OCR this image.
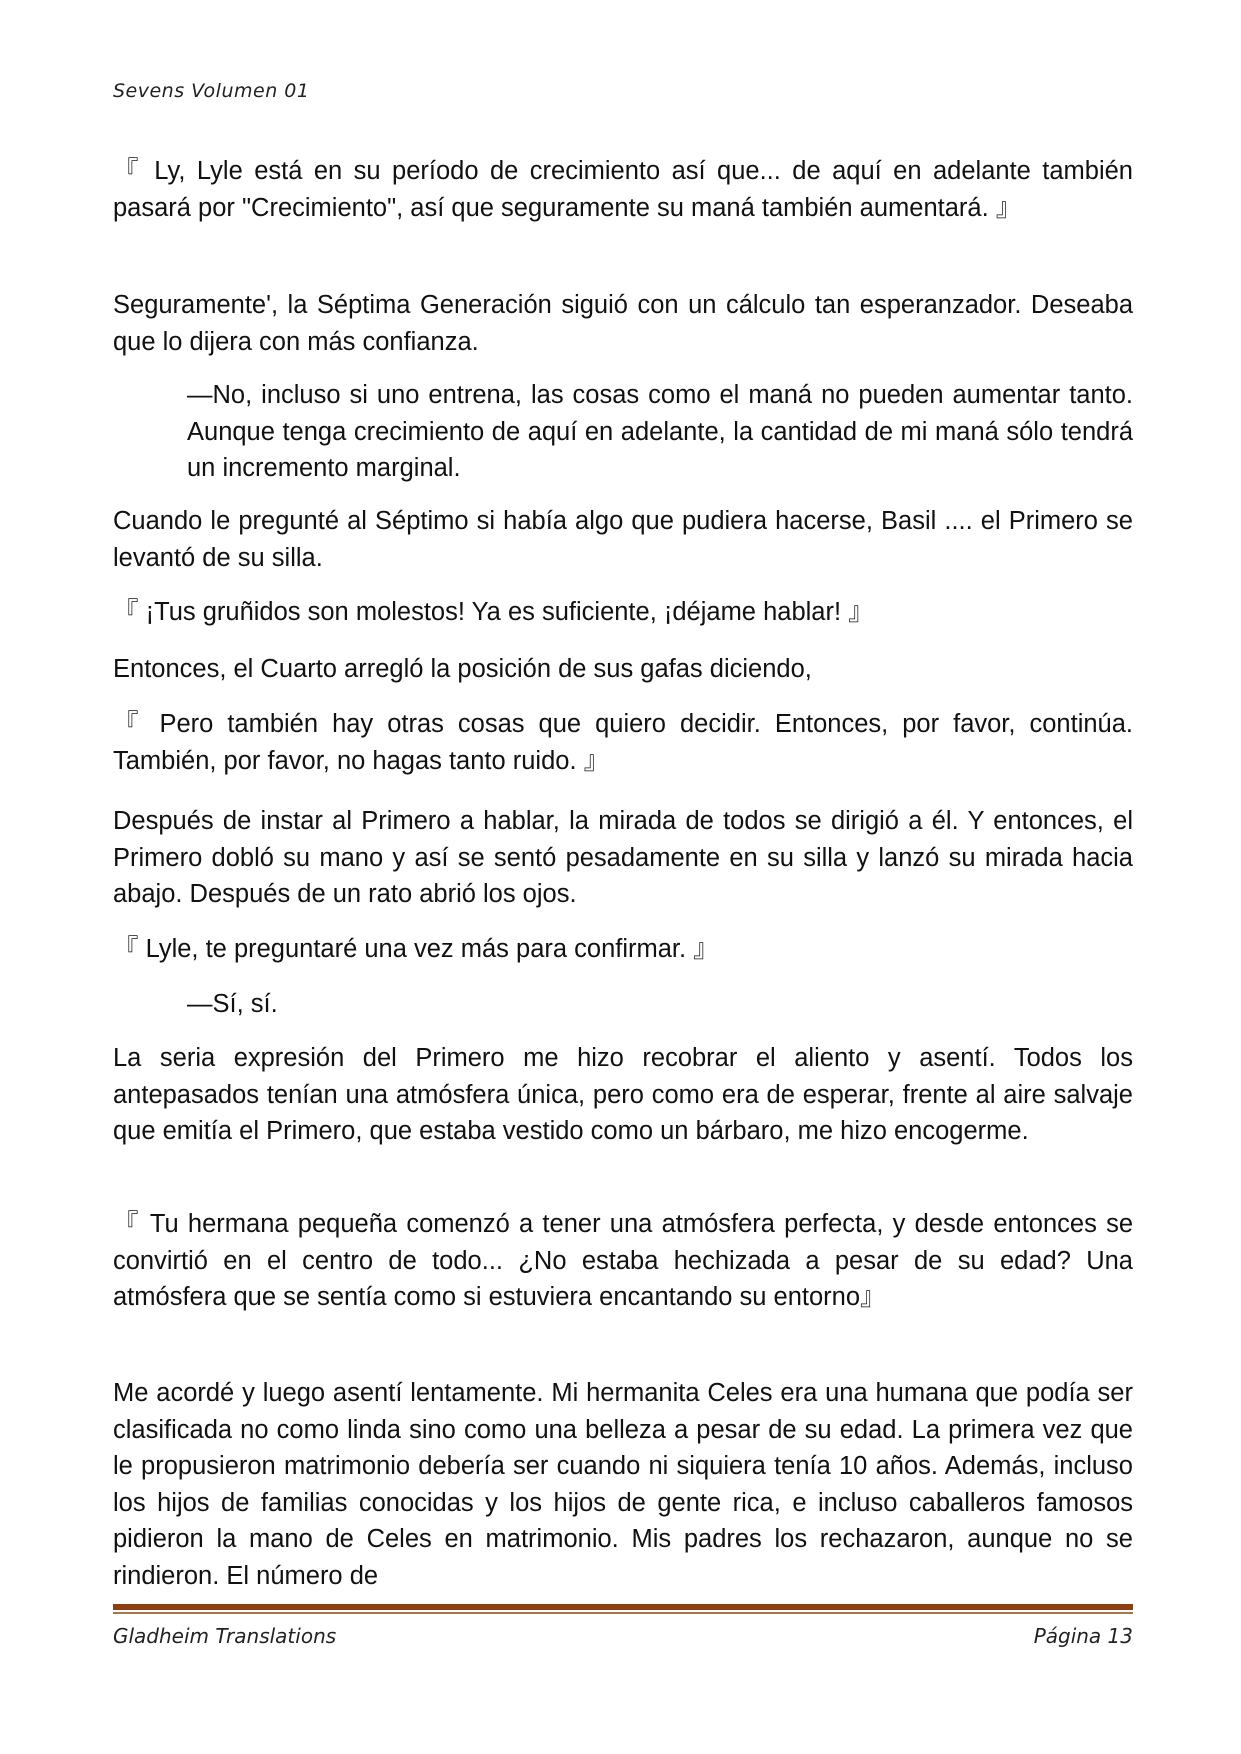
Sevens Volumen 01

『 Ly, Lyle está en su período de crecimiento así que... de aquí en adelante también pasará por "Crecimiento", así que seguramente su maná también aumentará. 』

Seguramente', la Séptima Generación siguió con un cálculo tan esperanzador. Deseaba que lo dijera con más confianza.

—No, incluso si uno entrena, las cosas como el maná no pueden aumentar tanto. Aunque tenga crecimiento de aquí en adelante, la cantidad de mi maná sólo tendrá un incremento marginal.

Cuando le pregunté al Séptimo si había algo que pudiera hacerse, Basil .... el Primero se levantó de su silla.

『 ¡Tus gruñidos son molestos! Ya es suficiente, ¡déjame hablar! 』

Entonces, el Cuarto arregló la posición de sus gafas diciendo,

『 Pero también hay otras cosas que quiero decidir. Entonces, por favor, continúa. También, por favor, no hagas tanto ruido. 』

Después de instar al Primero a hablar, la mirada de todos se dirigió a él. Y entonces, el Primero dobló su mano y así se sentó pesadamente en su silla y lanzó su mirada hacia abajo. Después de un rato abrió los ojos.

『 Lyle, te preguntaré una vez más para confirmar. 』

—Sí, sí.

La seria expresión del Primero me hizo recobrar el aliento y asentí. Todos los antepasados tenían una atmósfera única, pero como era de esperar, frente al aire salvaje que emitía el Primero, que estaba vestido como un bárbaro, me hizo encogerme.

『 Tu hermana pequeña comenzó a tener una atmósfera perfecta, y desde entonces se convirtió en el centro de todo... ¿No estaba hechizada a pesar de su edad? Una atmósfera que se sentía como si estuviera encantando su entorno』

Me acordé y luego asentí lentamente. Mi hermanita Celes era una humana que podía ser clasificada no como linda sino como una belleza a pesar de su edad. La primera vez que le propusieron matrimonio debería ser cuando ni siquiera tenía 10 años. Además, incluso los hijos de familias conocidas y los hijos de gente rica, e incluso caballeros famosos pidieron la mano de Celes en matrimonio. Mis padres los rechazaron, aunque no se rindieron. El número de

Gladheim Translations	Página 13
